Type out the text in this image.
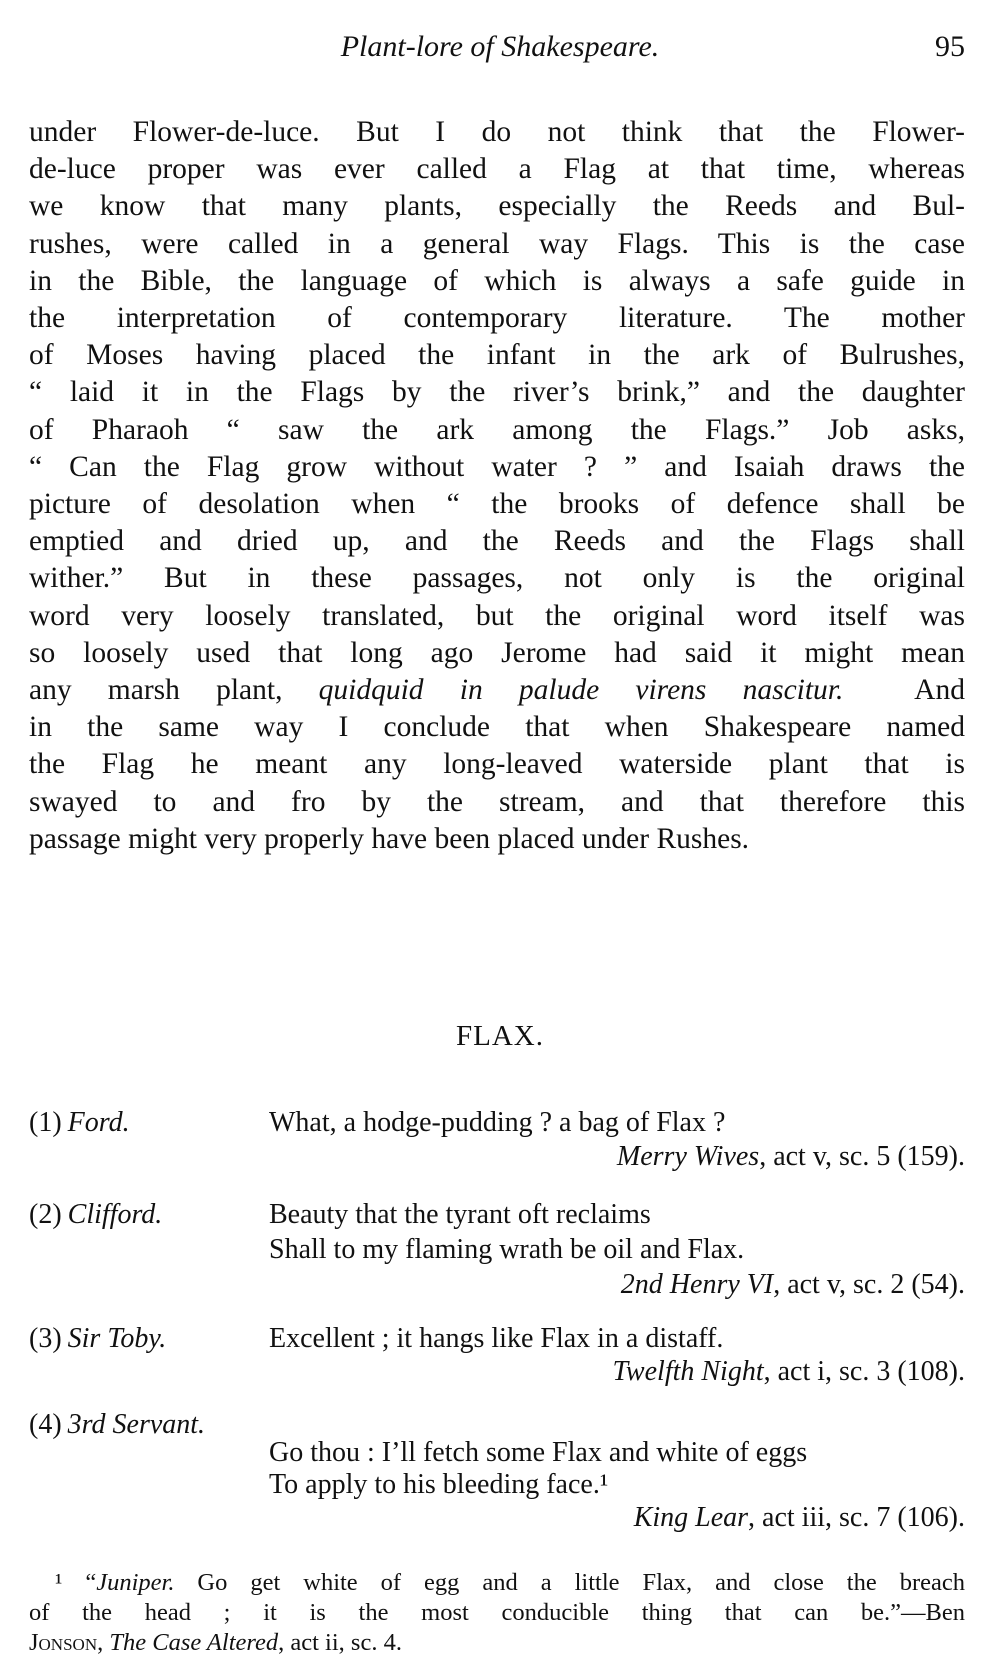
Plant-lore of Shakespeare.	95
under Flower-de-luce. But I do not think that the Flower-
de-luce proper was ever called a Flag at that time, whereas
we know that many plants, especially the Reeds and Bul-
rushes, were called in a general way Flags. This is the case
in the Bible, the language of which is always a safe guide in
the interpretation of contemporary literature. The mother
of Moses having placed the infant in the ark of Bulrushes,
“ laid it in the Flags by the river’s brink,” and the daughter
of Pharaoh “ saw the ark among the Flags.” Job asks,
“ Can the Flag grow without water ? ” and Isaiah draws the
picture of desolation when “ the brooks of defence shall be
emptied and dried up, and the Reeds and the Flags shall
wither.” But in these passages, not only is the original
word very loosely translated, but the original word itself was
so loosely used that long ago Jerome had said it might mean
any marsh plant, quidquid in palude virens nascitur.  And
in the same way I conclude that when Shakespeare named
the Flag he meant any long-leaved waterside plant that is
swayed to and fro by the stream, and that therefore this
passage might very properly have been placed under Rushes.
FLAX.
(1) Ford.	What, a hodge-pudding ? a bag of Flax ?
Merry Wives, act v, sc. 5 (159).
(2) Clifford.	Beauty that the tyrant oft reclaims
Shall to my flaming wrath be oil and Flax.
2nd Henry VI, act v, sc. 2 (54).
(3) Sir Toby.	Excellent ; it hangs like Flax in a distaff.
Twelfth Night, act i, sc. 3 (108).
(4) 3rd Servant.
Go thou : I’ll fetch some Flax and white of eggs
To apply to his bleeding face.¹
King Lear, act iii, sc. 7 (106).
¹ “Juniper. Go get white of egg and a little Flax, and close the breach
of the head ; it is the most conducible thing that can be.”—Ben
Jonson, The Case Altered, act ii, sc. 4.
